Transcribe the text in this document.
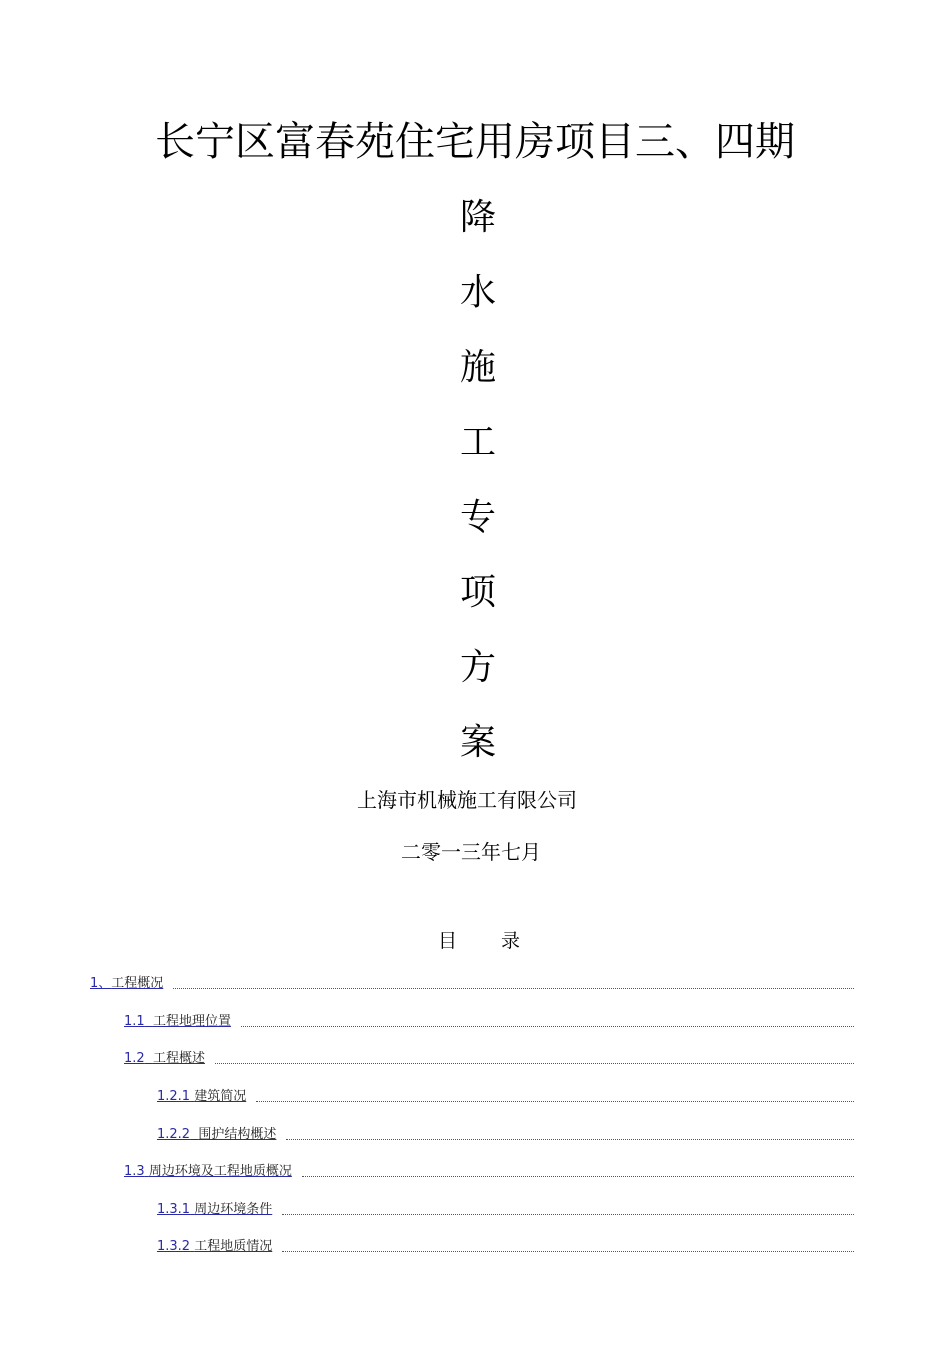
长宁区富春苑住宅用房项目三、四期
降
水
施
工
专
项
方
案
上海市机械施工有限公司
二零一三年七月
目 录
1、工程概况
1.1 工程地理位置
1.2 工程概述
1.2.1 建筑简况
1.2.2 围护结构概述
1.3 周边环境及工程地质概况
1.3.1 周边环境条件
1.3.2 工程地质情况
